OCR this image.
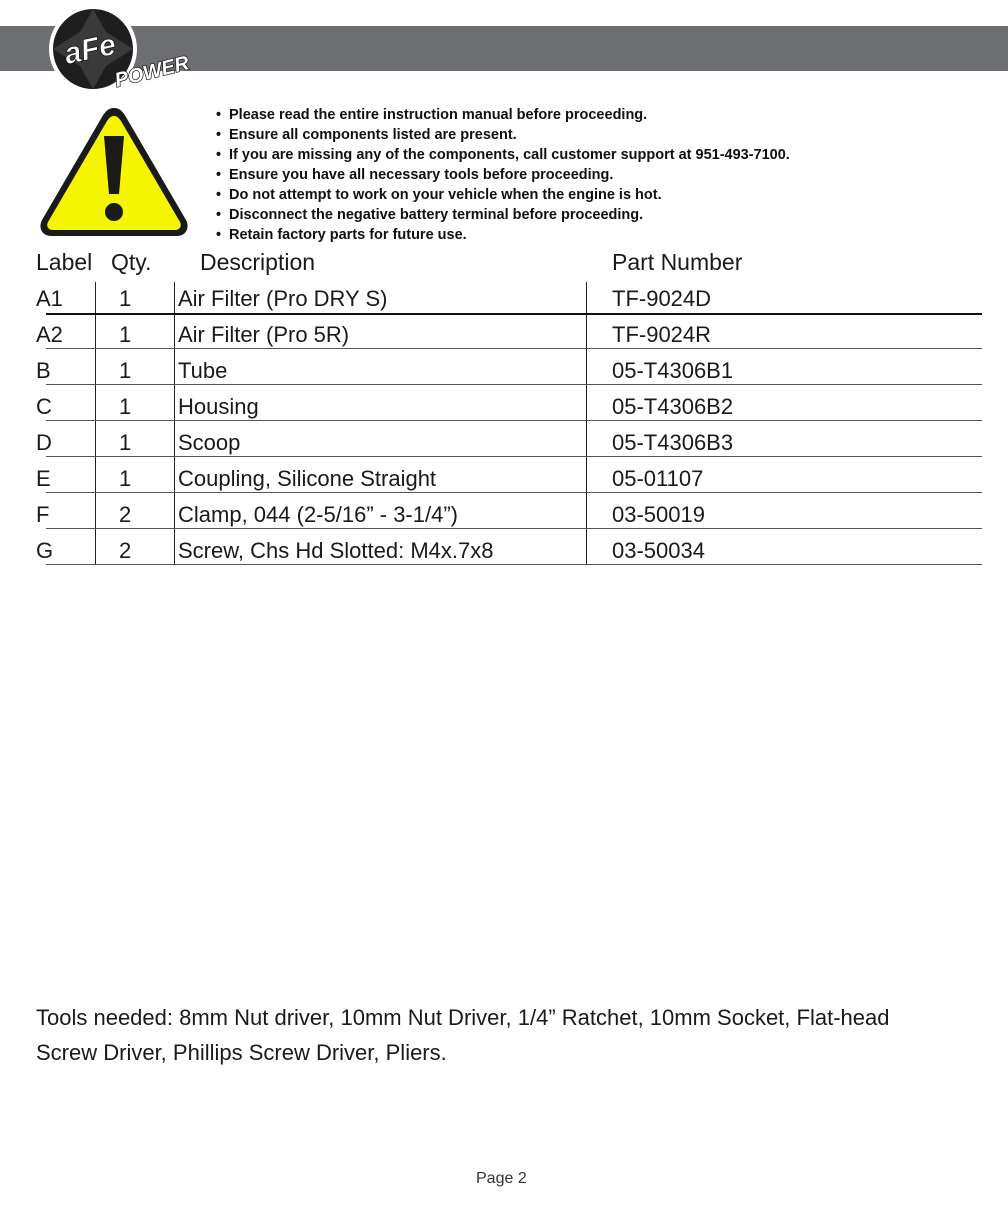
aFe
POWER
• Please read the entire instruction manual before proceeding.
• Ensure all components listed are present.
• If you are missing any of the components, call customer support at 951-493-7100.
• Ensure you have all necessary tools before proceeding.
• Do not attempt to work on your vehicle when the engine is hot.
• Disconnect the negative battery terminal before proceeding.
• Retain factory parts for future use.
Label Qty. Description	Part Number
A1	1 Air Filter (Pro DRY S)	TF-9024D
A2	1 Air Filter (Pro 5R)	TF-9024R
B	1 Tube	05-T4306B1
C	1 Housing	05-T4306B2
D	1 Scoop	05-T4306B3
E	1 Coupling, Silicone Straight	05-01107
F	2 Clamp, 044 (2-5/16” - 3-1/4”)	03-50019
G	2 Screw, Chs Hd Slotted: M4x.7x8	03-50034

Tools needed: 8mm Nut driver, 10mm Nut Driver, 1/4” Ratchet, 10mm Socket, Flat-head Screw Driver, Phillips Screw Driver, Pliers.

Page 2
